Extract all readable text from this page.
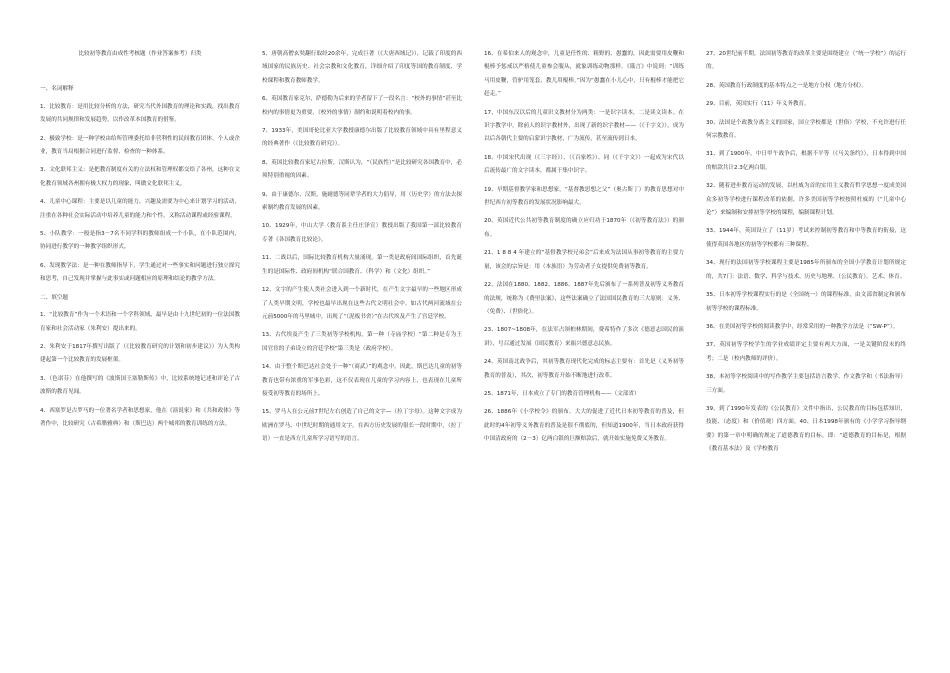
比较初等教育由成性考核题（作业答案参考）归类

一、名词解释

1、比较教育：是用比较分析的方法，研究当代外国教育的理论和实践，找出教育发展的共同规律和发展趋势，以作改革本国教育的借鉴。

2、极致学校：是一种学校由给所管理委托给非营利性的民间教育团体、个人或企业，教育当局根据合同进行监督、检查的一种体系。

3、文化联邦主义：是把教育制度有关的立法权和管理权都交给了各州，这种在文化教育领域各州拥有极大权力的现象，叫做文化联邦主义。

4、儿童中心课程：主要是以儿童的能力、兴趣及需要为中心来计划学习的活动，注重在各种社会实际活动中培养儿童的能力和个性。又称活动课程或经验课程。

5、小队教学：一般是指3－7名不同学科的教师组成一个小队，在小队范围内，协同进行教学的一种教学组织形式。

6、发现教学法：是一种在教师指导下，学生通过对一些事实和问题进行独立探究和思考，自己发现并掌握与此事实或问题相应的原理和结论的教学方法。

二、填空题

1、“比较教育”作为一个术语和一个学科领域，最早是由十九世纪初的一位法国教育家和社会活动家（朱利安）提出来的。

2、朱利安于1817年撰写出版了（《比较教育研究的计划和初步建议》）为人类构建起第一个比较教育的发展框架。

3、（色诺芬）在他撰写的《波斯国王塞勒斯传》中，比较系统地记述和评论了古波斯的教育见闻。

4、西塞罗是古罗马的一位著名学者和思想家，他在《演说家》和《共和政体》等著作中，比较研究（古希腊雅典）和（斯巴达）两个城邦的教育训练的方法。

5、唐朝高僧玄奘翻行取经20余年，完成巨著（《大唐西域记》），记载了印度的西域国家的民族历史、社会宗教和文化教育，详细介绍了印度等国的教育制度、学校课程和教育教师教学。

6、英国教育家克尔，萨德勒为后来的学者留下了一段名言：“校外的事情”甚至比校内的事情更为重要，（校外的事情）制约和说明着校内的事。

7、1933年，美国哥伦比亚大学教授康德尔出版了比较教育领域中具有里程意义的经典著作（《比较教育研究》）。

8、英国比较教育家尼古拉斯，汉斯认为，“（民族性）”是比较研究各国教育中，必须特别重视的因素。

9、由于康德尔、汉斯，施耐德等同辈学者的大力倡导，用（历史学）的方法去探索制约教育发展的因素。

10、1929年，中山大学（教育系主任庄泽宣）教授出版了我国第一部比较教育专著《各国教育比较论》。

11、二战以后，国际比较教育机构大量涌现。第一类是政府间国际组织，首先诞生的是国际性、政府间机构“联合国教育、（科学）和（文化）组织。”

12、文字的产生使人类社会进入到一个新时代，在产生文字最早的一些地区形成了人类早期文明，学校也最早出现在这些古代文明社会中。如古代两河流域在公元前5000年的马里城中，出现了“（泥板书舍）”在古代埃及产生了宫廷学校。

13、古代埃及产生了三类初等学校机构，第一种（寺庙学校）“第二种是专为王国官宦的子弟设立的宫廷学校”第三类是（政府学校）。

14、由于整个斯巴达社会处于一种“（商武）”的观念中，因此，斯巴达儿童的初等教育也带有浓重的军事色彩，这不仅表现在儿童的学习内容上，也表现在儿童所接受初等教育的场所上。

15、罗马人在公元前7世纪左右创造了自己的文字—（拉丁字母）。这种文字成为欧洲在罗马、中世纪时期的通用文字，在西方历史发展的很长一段时期中，（拉丁语）一直是西方儿童所学习语写的语言。

16、在希伯来人的观念中，儿童是任性的、粗野的、愚蠢的，因此需要用皮鞭和棍棒予惩戒以严格使儿童参会服从，就象训练动物那样。《箴言》中说到：“训练马用皮鞭，管驴用笼套，教儿用棍棒。”因为“愚蠢在小儿心中，只有棍棒才能把它赶走。”

17、中国东汉以后的儿童识文教材分为两类：一是识字读本，二是读文读本。在识字教学中，除前人的识字教材外，出现了新的识字教材——（《千字文》），成为以后各朝代主要的启蒙识字教材，广为流传，甚至流传到日本。

18、中国宋代出现（《三字经》）、（《百家姓》）、同（《千字文》）一起成为宋代以后流传最广的文字读本，都属于集中识字。

19、早期基督教学家和思想家，“基督教思想之父”（奥古斯丁）的教育思想对中世纪西方初等教育的发展状况影响最大。

20、英国近代公共初等教育制度的确立应归功于1870年（《初等教育法》）的颁布。

21、1 8 8 4 年建立的“基督教学校兄弟会”后来成为法国从事初等教育的主要力量，该会的宗旨是：用（本族语）为劳动者子女提供免费初等教育。

22、法国在1880、1882、1886、1887年先后颁布了一系列普及初等义务教育的法规，统称为《费里法案》，这些法案确立了法国国民教育的三大原则：义务、（免费）、（世俗化）。

23、1807~1808年，在法军占领柏林期间，费希特作了多次《德意志国民的演讲》，号召通过发展（国民教育）来振兴德意志民族。

24、英国南北战争后，其初等教育现代化完成的标志主要有：首先是（义务初等教育的普及），其次，初等教育开始不断地进行改革。

25、1871年，日本成立了专门的教育管理机构——（文部省）

26、1886年《小学校令》的颁布，大大的促进了近代日本初等教育的普及，但此时的4年初等义务教育的普及是很不彻底的，但知道1900年，当日本政府获得中国清政府的（2－3）亿两白银的巨额赔款后，就开始实施免费义务教育。

27、20世纪前半期，法国初等教育的改革主要是围绕建立（“统一学校”）的运行的。

28、英国教育行政制度的基本特点之一是地方分权（地方分权）。

29、目前，英国实行（11）年义务教育。

30、法国是个政教分离主义的国家，国立学校都是（世俗）学校，不允许进行任何宗教教育。

31、到了1900年，中日甲午战争后，根据不平等（《马关条约》），日本得到中国的赔款共计2.3亿两白银。

32、随着进步教育运动的发展，以杜威为首的实用主义教育哲学思想一度成美国众多初等学校进行课程改革的依据，许多美国初等学校按照杜威的（“儿童中心论”）来编制和安排初等学校的课程，编制课程计划。

33、1944年，英国设立了（11岁）考试来控制初等教育和中等教育的衔接，这使得英国各地区的初等学校都有三种课程。

34、现行的法国初等学校课程主要是1985年所颁布的全国小学教育计划所规定的，共7门：法语、数学、科学与技术、历史与地理、（公民教育），艺术、体育。

35、日本初等学校课程实行的是（全国统一）的课程标准，由文部省制定和颁布初等学校的课程标准。

36、在美国初等学校的阅读教学中，经常采用的一种教学方法是（“SW-P”）。

37、英国初等学校学生的学业成绩评定主要有两大方面，一是关键阶段末的终考；二是（校内教师的评价）。

38、本初等学校阅读中的写作教学主要包括语言教学、作文教学和（书法指导）三方面。

39、到了1990年发表的《公民教育》文件中指出，公民教育的目标包括知识，技能、（态度）和（价值观）四方面。40、日本1998年颁有的《小学学习指导纲要》的第一章中明确的规定了道德教育的目标，即：“道德教育的目标是，根据《教育基本法》及《学校教育
